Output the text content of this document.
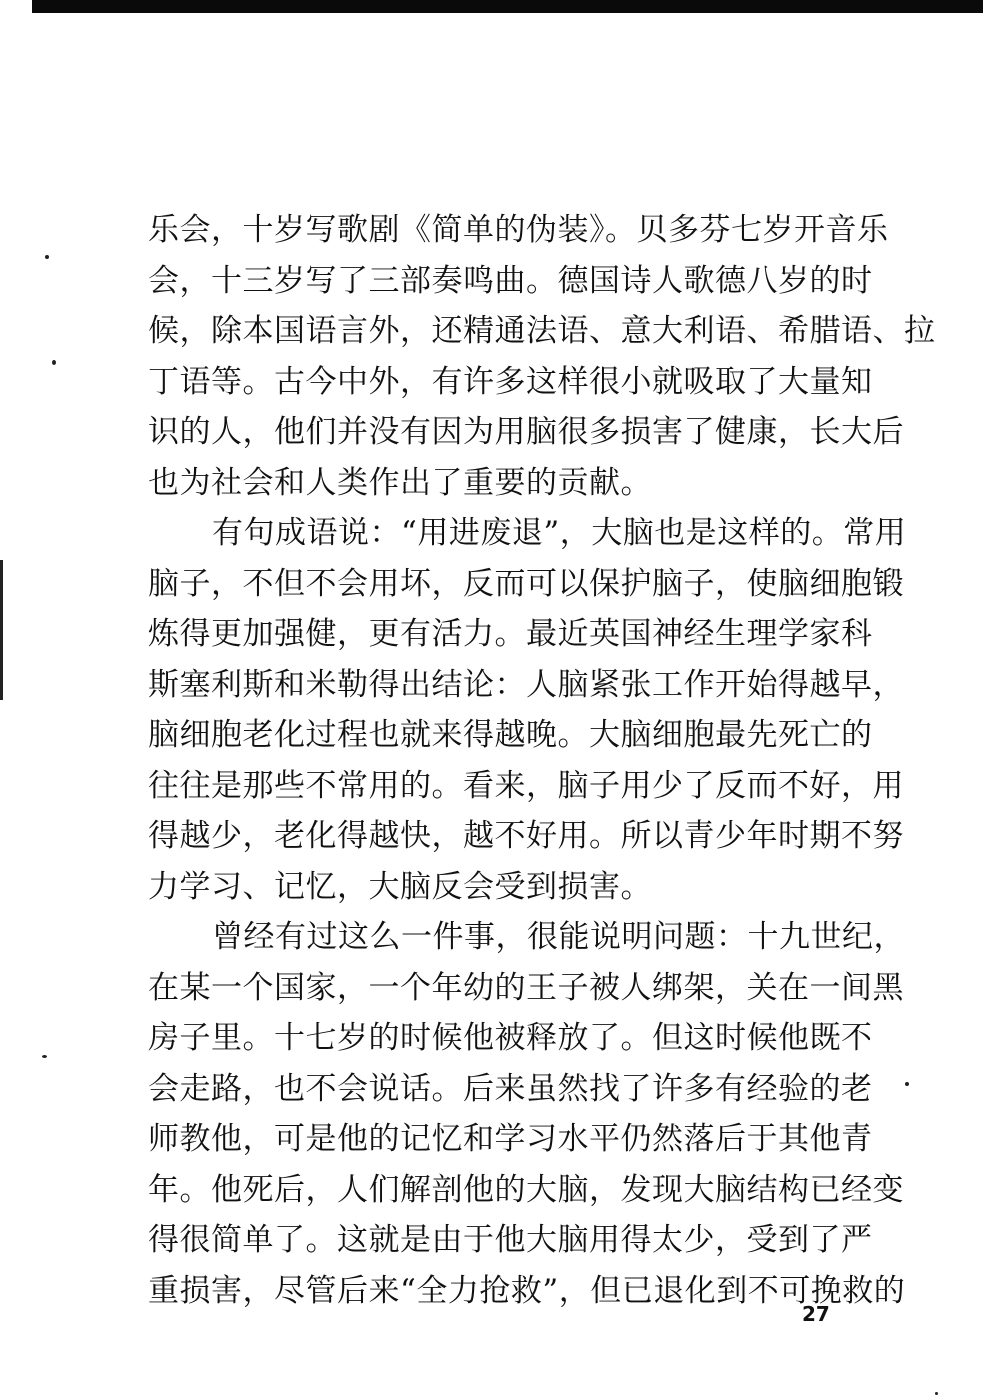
乐会，十岁写歌剧《简单的伪装》。贝多芬七岁开音乐
会，十三岁写了三部奏鸣曲。德国诗人歌德八岁的时
候，除本国语言外，还精通法语、意大利语、希腊语、拉
丁语等。古今中外，有许多这样很小就吸取了大量知
识的人，他们并没有因为用脑很多损害了健康，长大后
也为社会和人类作出了重要的贡献。
有句成语说：“用进废退”，大脑也是这样的。常用
脑子，不但不会用坏，反而可以保护脑子，使脑细胞锻
炼得更加强健，更有活力。最近英国神经生理学家科
斯塞利斯和米勒得出结论：人脑紧张工作开始得越早，
脑细胞老化过程也就来得越晚。大脑细胞最先死亡的
往往是那些不常用的。看来，脑子用少了反而不好，用
得越少，老化得越快，越不好用。所以青少年时期不努
力学习、记忆，大脑反会受到损害。
曾经有过这么一件事，很能说明问题：十九世纪，
在某一个国家，一个年幼的王子被人绑架，关在一间黑
房子里。十七岁的时候他被释放了。但这时候他既不
会走路，也不会说话。后来虽然找了许多有经验的老
师教他，可是他的记忆和学习水平仍然落后于其他青
年。他死后，人们解剖他的大脑，发现大脑结构已经变
得很简单了。这就是由于他大脑用得太少，受到了严
重损害，尽管后来“全力抢救”，但已退化到不可挽救的
27
